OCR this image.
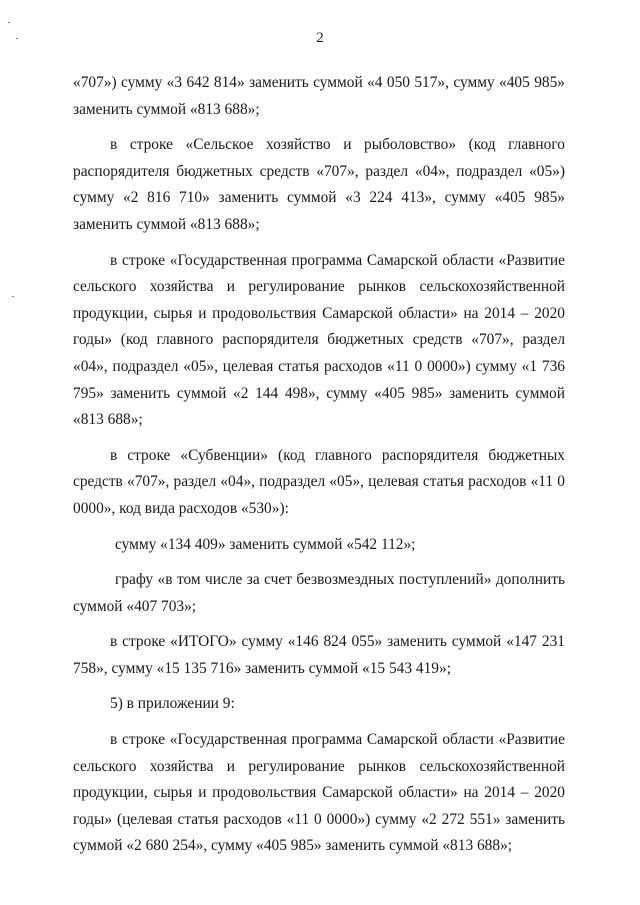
2

«707») сумму «3 642 814» заменить суммой «4 050 517», сумму «405 985» заменить суммой «813 688»;

в строке «Сельское хозяйство и рыболовство» (код главного распорядителя бюджетных средств «707», раздел «04», подраздел «05») сумму «2 816 710» заменить суммой «3 224 413», сумму «405 985» заменить суммой «813 688»;

в строке «Государственная программа Самарской области «Развитие сельского хозяйства и регулирование рынков сельскохозяйственной продукции, сырья и продовольствия Самарской области» на 2014 – 2020 годы» (код главного распорядителя бюджетных средств «707», раздел «04», подраздел «05», целевая статья расходов «11 0 0000») сумму «1 736 795» заменить суммой «2 144 498», сумму «405 985» заменить суммой «813 688»;

в строке «Субвенции» (код главного распорядителя бюджетных средств «707», раздел «04», подраздел «05», целевая статья расходов «11 0 0000», код вида расходов «530»):

сумму «134 409» заменить суммой «542 112»;

графу «в том числе за счет безвозмездных поступлений» дополнить суммой «407 703»;

в строке «ИТОГО» сумму «146 824 055» заменить суммой «147 231 758», сумму «15 135 716» заменить суммой «15 543 419»;

5) в приложении 9:

в строке «Государственная программа Самарской области «Развитие сельского хозяйства и регулирование рынков сельскохозяйственной продукции, сырья и продовольствия Самарской области» на 2014 – 2020 годы» (целевая статья расходов «11 0 0000») сумму «2 272 551» заменить суммой «2 680 254», сумму «405 985» заменить суммой «813 688»;
